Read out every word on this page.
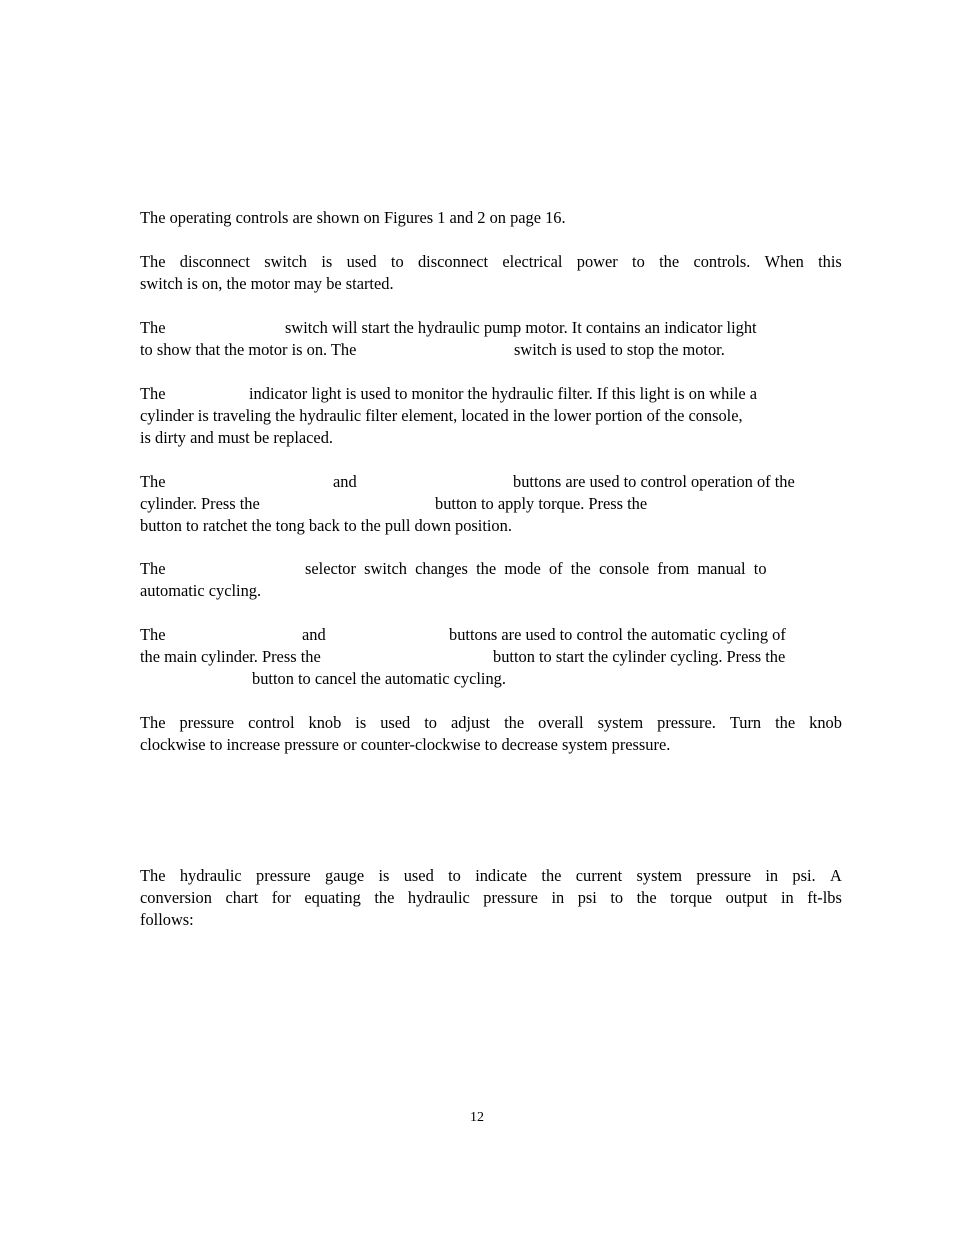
The operating controls are shown on Figures 1 and 2 on page 16.
The disconnect switch is used to disconnect electrical power to the controls. When this
switch is on, the motor may be started.
The	switch will start the hydraulic pump motor. It contains an indicator light
to show that the motor is on. The	switch is used to stop the motor.
The	indicator light is used to monitor the hydraulic filter. If this light is on while a
cylinder is traveling the hydraulic filter element, located in the lower portion of the console,
is dirty and must be replaced.
The	and	buttons are used to control operation of the
cylinder. Press the	button to apply torque. Press the
button to ratchet the tong back to the pull down position.
The	selector  switch  changes  the  mode  of  the  console  from  manual  to
automatic cycling.
The	and	buttons are used to control the automatic cycling of
the main cylinder. Press the	button to start the cylinder cycling. Press the
button to cancel the automatic cycling.
The pressure control knob is used to adjust the overall system pressure. Turn the knob
clockwise to increase pressure or counter-clockwise to decrease system pressure.
The hydraulic pressure gauge is used to indicate the current system pressure in psi. A
conversion chart for equating the hydraulic pressure in psi to the torque output in ft-lbs
follows:
12
